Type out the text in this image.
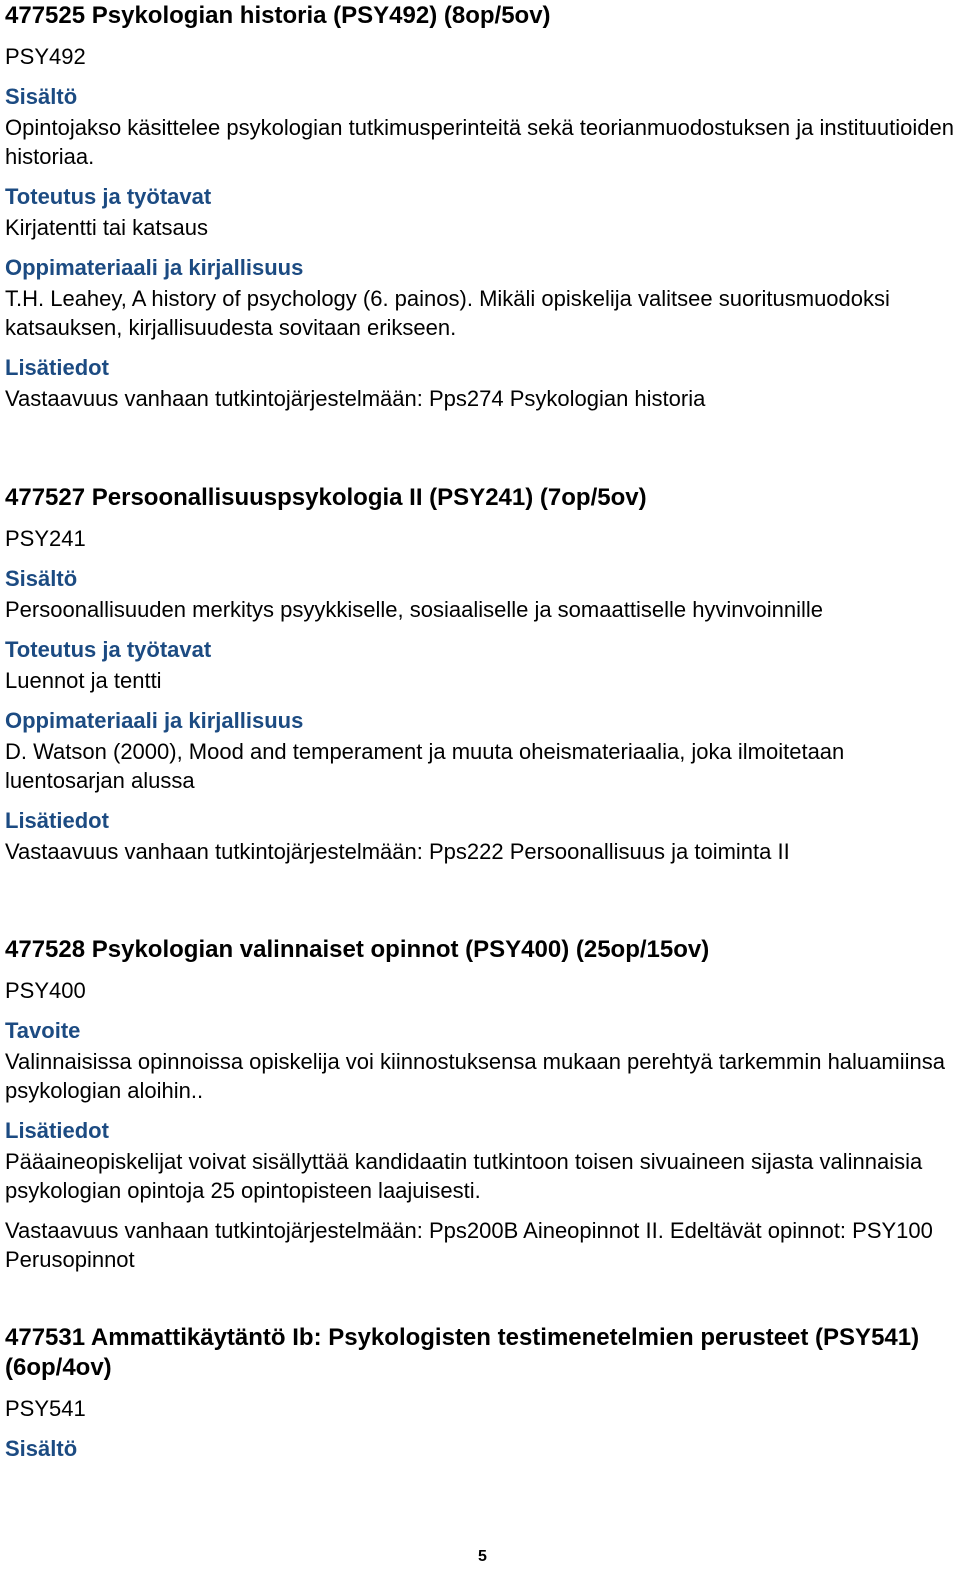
477525 Psykologian historia (PSY492) (8op/5ov)
PSY492
Sisältö
Opintojakso käsittelee psykologian tutkimusperinteitä sekä teorianmuodostuksen ja instituutioiden historiaa.
Toteutus ja työtavat
Kirjatentti tai katsaus
Oppimateriaali ja kirjallisuus
T.H. Leahey, A history of psychology (6. painos). Mikäli opiskelija valitsee suoritusmuodoksi katsauksen, kirjallisuudesta sovitaan erikseen.
Lisätiedot
Vastaavuus vanhaan tutkintojärjestelmään: Pps274 Psykologian historia
477527 Persoonallisuuspsykologia II (PSY241) (7op/5ov)
PSY241
Sisältö
Persoonallisuuden merkitys psyykkiselle, sosiaaliselle ja somaattiselle hyvinvoinnille
Toteutus ja työtavat
Luennot ja tentti
Oppimateriaali ja kirjallisuus
D. Watson (2000), Mood and temperament ja muuta oheismateriaalia, joka ilmoitetaan luentosarjan alussa
Lisätiedot
Vastaavuus vanhaan tutkintojärjestelmään: Pps222 Persoonallisuus ja toiminta II
477528 Psykologian valinnaiset opinnot (PSY400) (25op/15ov)
PSY400
Tavoite
Valinnaisissa opinnoissa opiskelija voi kiinnostuksensa mukaan perehtyä tarkemmin haluamiinsa psykologian aloihin..
Lisätiedot
Pääaineopiskelijat voivat sisällyttää kandidaatin tutkintoon toisen sivuaineen sijasta valinnaisia psykologian opintoja 25 opintopisteen laajuisesti.
Vastaavuus vanhaan tutkintojärjestelmään: Pps200B Aineopinnot II. Edeltävät opinnot: PSY100 Perusopinnot
477531 Ammattikäytäntö Ib: Psykologisten testimenetelmien perusteet (PSY541) (6op/4ov)
PSY541
Sisältö
5
